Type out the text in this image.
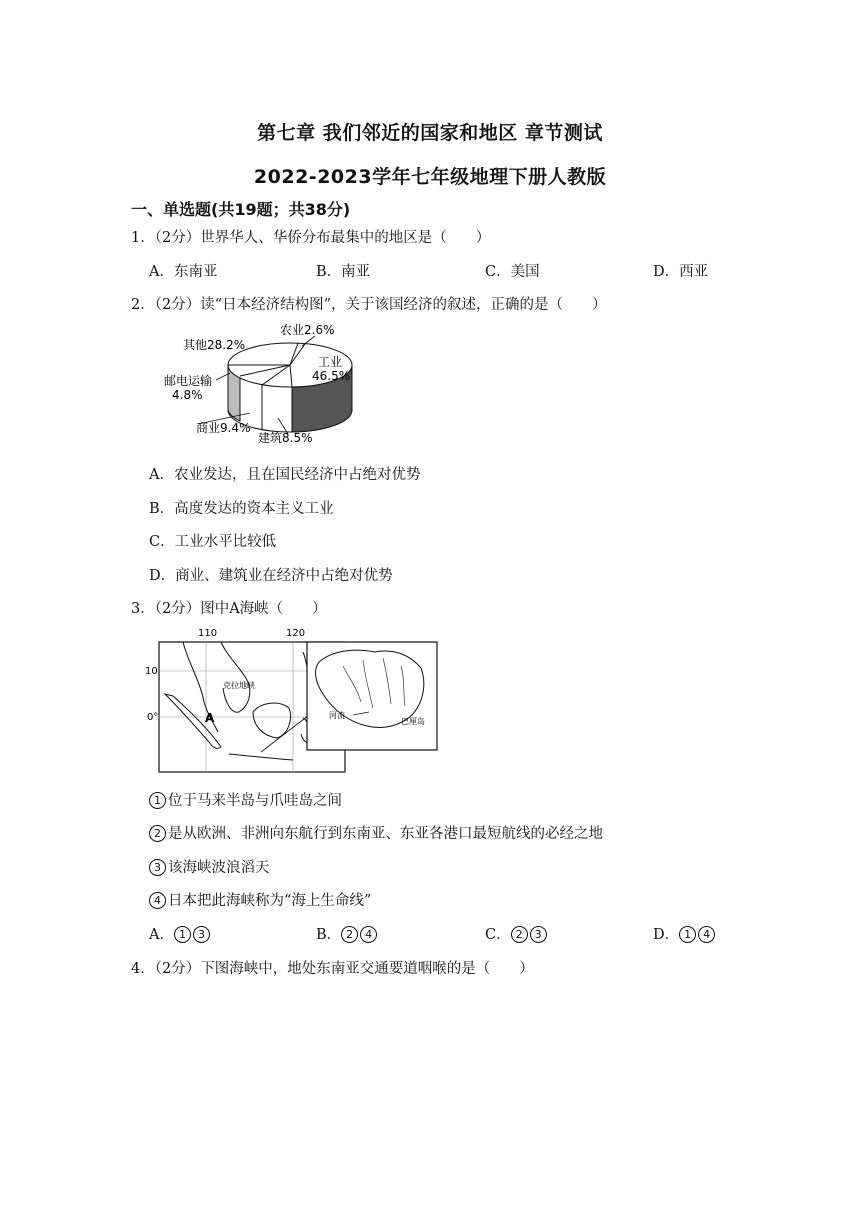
第七章 我们邻近的国家和地区 章节测试
2022-2023学年七年级地理下册人教版
一、单选题(共19题；共38分)
1．（2分）世界华人、华侨分布最集中的地区是（　　）
A．东南亚	B．南亚	C．美国	D．西亚
2．（2分）读“日本经济结构图”，关于该国经济的叙述，正确的是（　　）
其他28.2%
农业2.6%
工业
46.5%
邮电运输
4.8%
商业9.4%
建筑8.5%
A．农业发达，且在国民经济中占绝对优势
B．高度发达的资本主义工业
C．工业水平比较低
D．商业、建筑业在经济中占绝对优势
3．（2分）图中A海峡（　　）
110	120
10
0°	A
克拉地峡
河流
巴厘岛
1 位于马来半岛与爪哇岛之间
2 是从欧洲、非洲向东航行到东南亚、东亚各港口最短航线的必经之地
3 该海峡波浪滔天
4 日本把此海峡称为“海上生命线”
A． 1 3	B． 2 4	C． 2 3	D． 1 4
4．（2分）下图海峡中，地处东南亚交通要道咽喉的是（　　）
